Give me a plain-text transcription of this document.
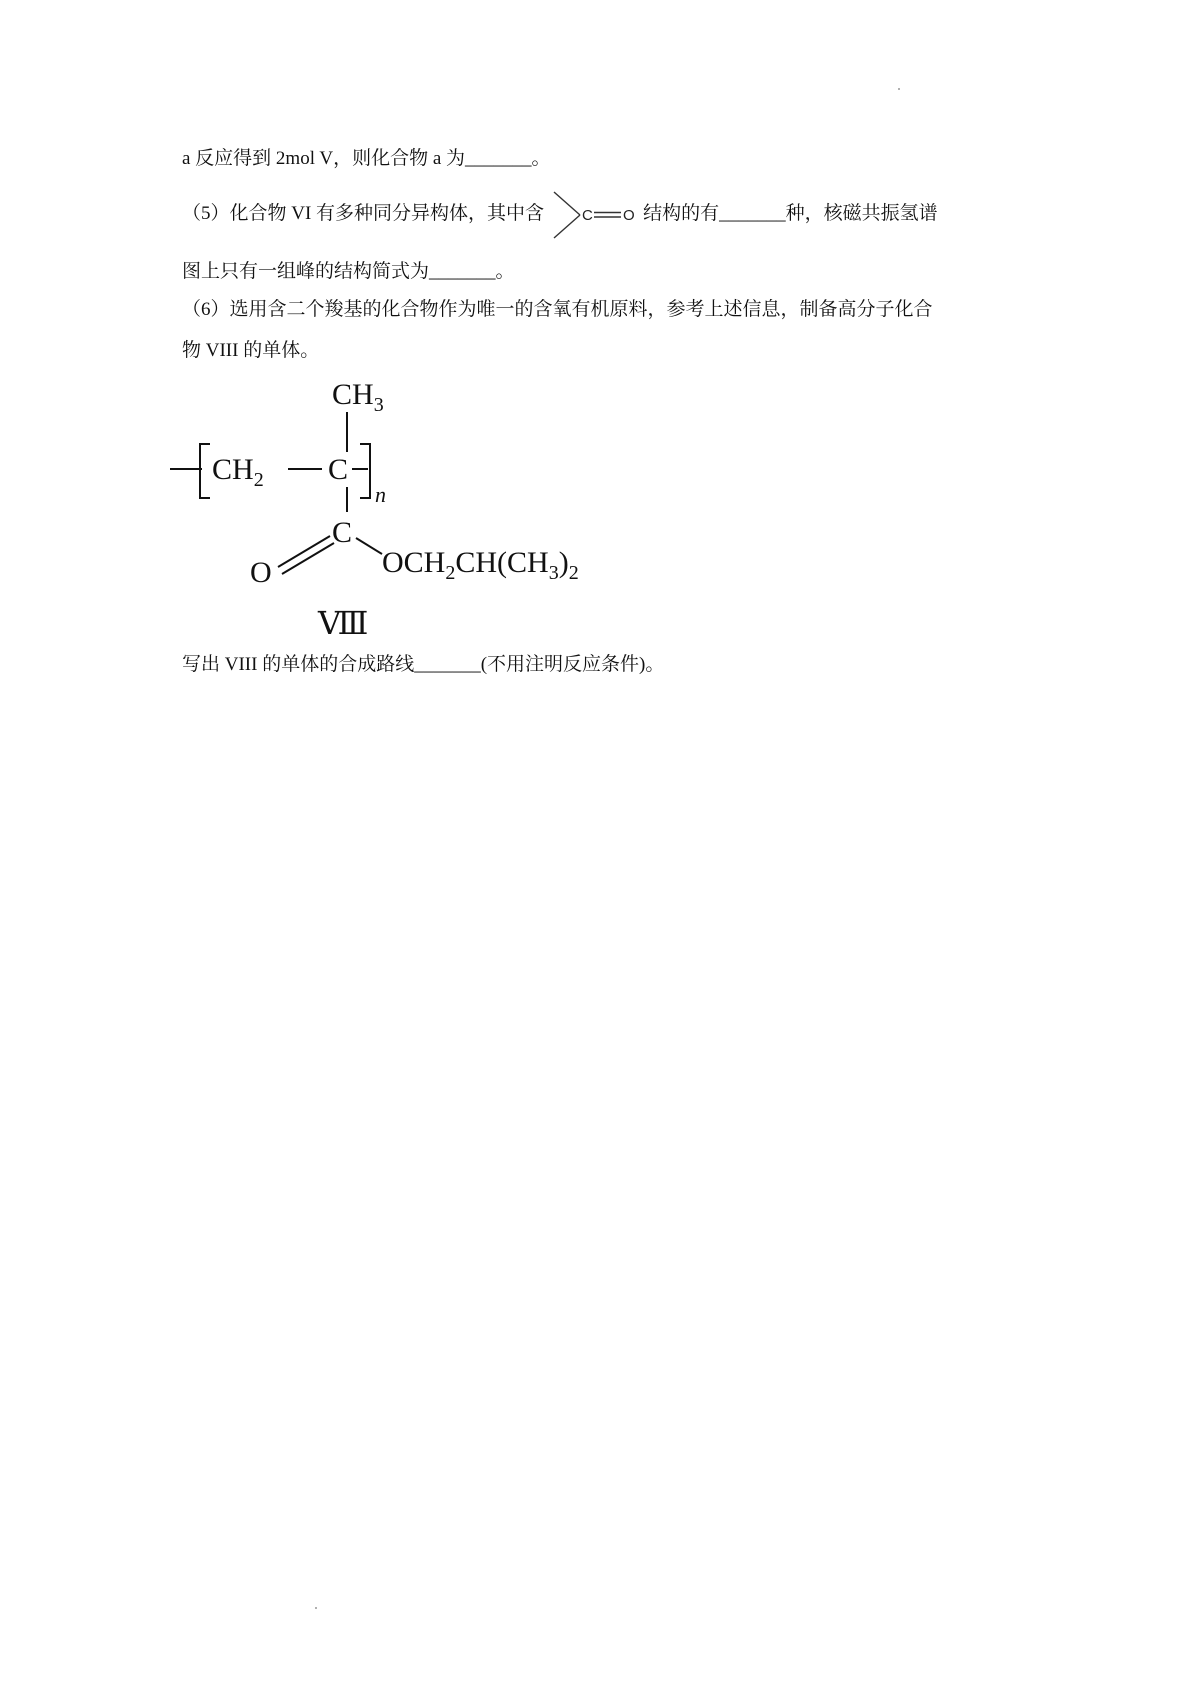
a 反应得到 2mol V，则化合物 a 为_______。
（5）化合物 VI 有多种同分异构体，其中含	C O 结构的有_______种，核磁共振氢谱
图上只有一组峰的结构简式为_______。
（6）选用含二个羧基的化合物作为唯一的含氧有机原料，参考上述信息，制备高分子化合
物 VIII 的单体。
$CH_3$
$CH_2$ C
n
C
O	$OCH_2CH(CH_3)_2$
Ⅷ
写出 VIII 的单体的合成路线_______(不用注明反应条件)。
